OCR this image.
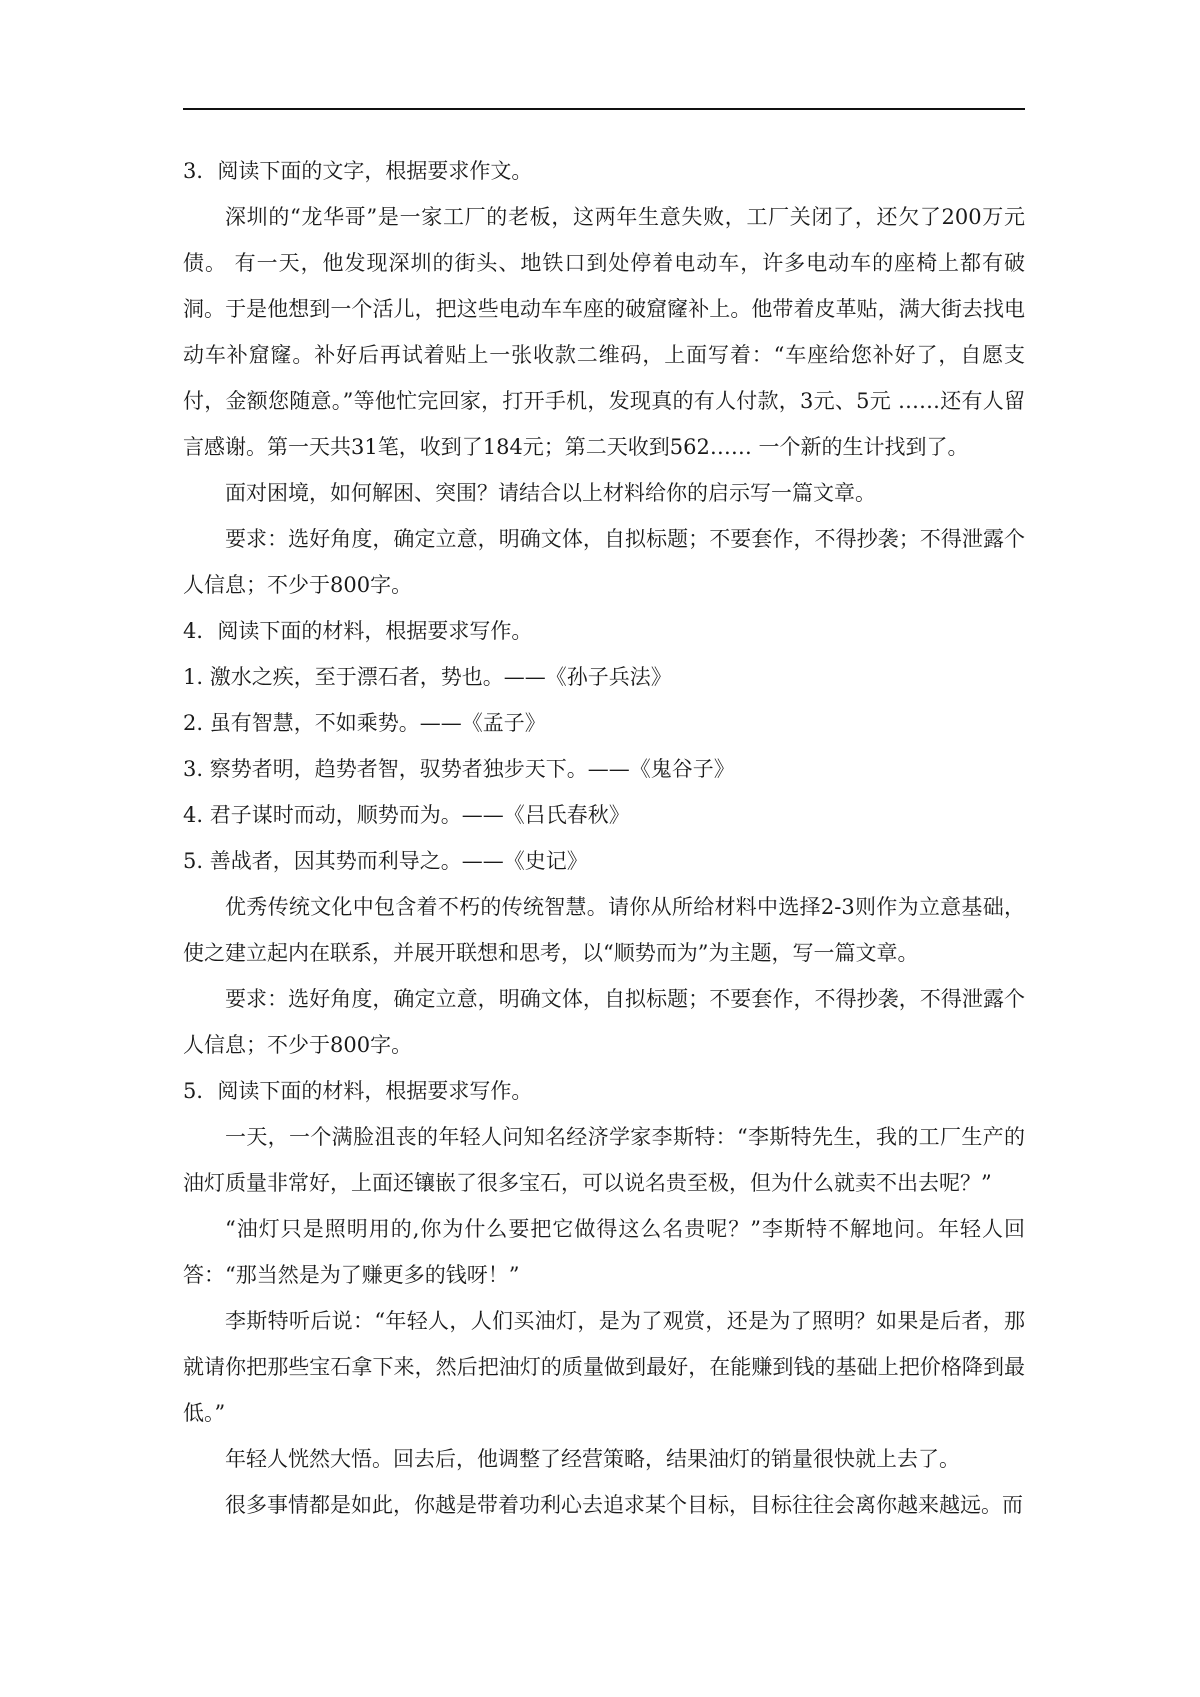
3．阅读下面的文字，根据要求作文。

深圳的“龙华哥”是一家工厂的老板，这两年生意失败，工厂关闭了，还欠了200万元债。 有一天，他发现深圳的街头、地铁口到处停着电动车，许多电动车的座椅上都有破洞。于是他想到一个活儿，把这些电动车车座的破窟窿补上。他带着皮革贴，满大街去找电动车补窟窿。补好后再试着贴上一张收款二维码，上面写着：“车座给您补好了，自愿支付，金额您随意。”等他忙完回家，打开手机，发现真的有人付款，3元、5元 ……还有人留言感谢。第一天共31笔，收到了184元；第二天收到562…… 一个新的生计找到了。

面对困境，如何解困、突围？请结合以上材料给你的启示写一篇文章。

要求：选好角度，确定立意，明确文体，自拟标题；不要套作，不得抄袭；不得泄露个人信息；不少于800字。

4．阅读下面的材料，根据要求写作。

1. 激水之疾，至于漂石者，势也。——《孙子兵法》

2. 虽有智慧，不如乘势。——《孟子》

3. 察势者明，趋势者智，驭势者独步天下。——《鬼谷子》

4. 君子谋时而动，顺势而为。——《吕氏春秋》

5. 善战者，因其势而利导之。——《史记》

优秀传统文化中包含着不朽的传统智慧。请你从所给材料中选择2-3则作为立意基础，使之建立起内在联系，并展开联想和思考，以“顺势而为”为主题，写一篇文章。

要求：选好角度，确定立意，明确文体，自拟标题；不要套作，不得抄袭，不得泄露个人信息；不少于800字。

5．阅读下面的材料，根据要求写作。

一天，一个满脸沮丧的年轻人问知名经济学家李斯特：“李斯特先生，我的工厂生产的油灯质量非常好，上面还镶嵌了很多宝石，可以说名贵至极，但为什么就卖不出去呢？”

“油灯只是照明用的,你为什么要把它做得这么名贵呢？”李斯特不解地问。年轻人回答：“那当然是为了赚更多的钱呀！”

李斯特听后说：“年轻人，人们买油灯，是为了观赏，还是为了照明？如果是后者，那就请你把那些宝石拿下来，然后把油灯的质量做到最好，在能赚到钱的基础上把价格降到最低。”

年轻人恍然大悟。回去后，他调整了经营策略，结果油灯的销量很快就上去了。

很多事情都是如此，你越是带着功利心去追求某个目标，目标往往会离你越来越远。而
